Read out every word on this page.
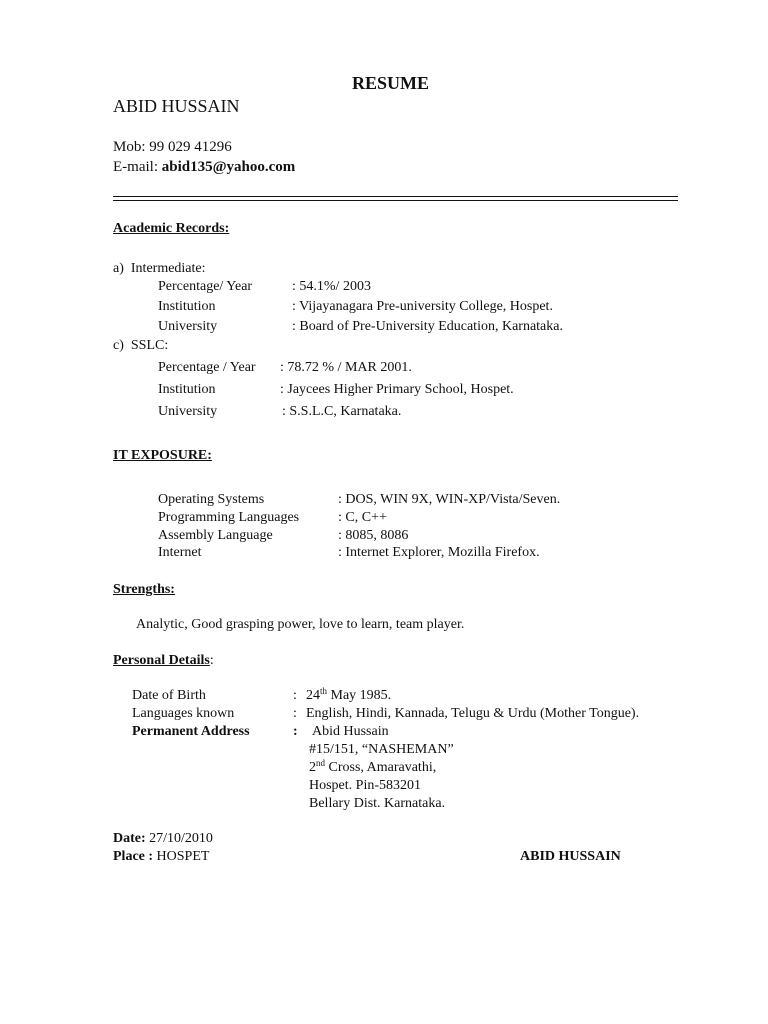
RESUME
ABID HUSSAIN
Mob: 99 029 41296
E-mail: abid135@yahoo.com
Academic Records:
a) Intermediate:
Percentage/ Year	: 54.1%/ 2003
Institution	: Vijayanagara Pre-university College, Hospet.
University	: Board of Pre-University Education, Karnataka.
c) SSLC:
Percentage / Year : 78.72 % / MAR 2001.
Institution	: Jaycees Higher Primary School, Hospet.
University	: S.S.L.C, Karnataka.
IT EXPOSURE:
Operating Systems	: DOS, WIN 9X, WIN-XP/Vista/Seven.
Programming Languages	: C, C++
Assembly Language	: 8085, 8086
Internet	: Internet Explorer, Mozilla Firefox.
Strengths:
Analytic, Good grasping power, love to learn, team player.
Personal Details:
Date of Birth	: 24th May 1985.
Languages known	: English, Hindi, Kannada, Telugu & Urdu (Mother Tongue).
Permanent Address	: Abid Hussain
#15/151, “NASHEMAN”
2nd Cross, Amaravathi,
Hospet. Pin-583201
Bellary Dist. Karnataka.
Date: 27/10/2010
Place : HOSPET	ABID HUSSAIN
